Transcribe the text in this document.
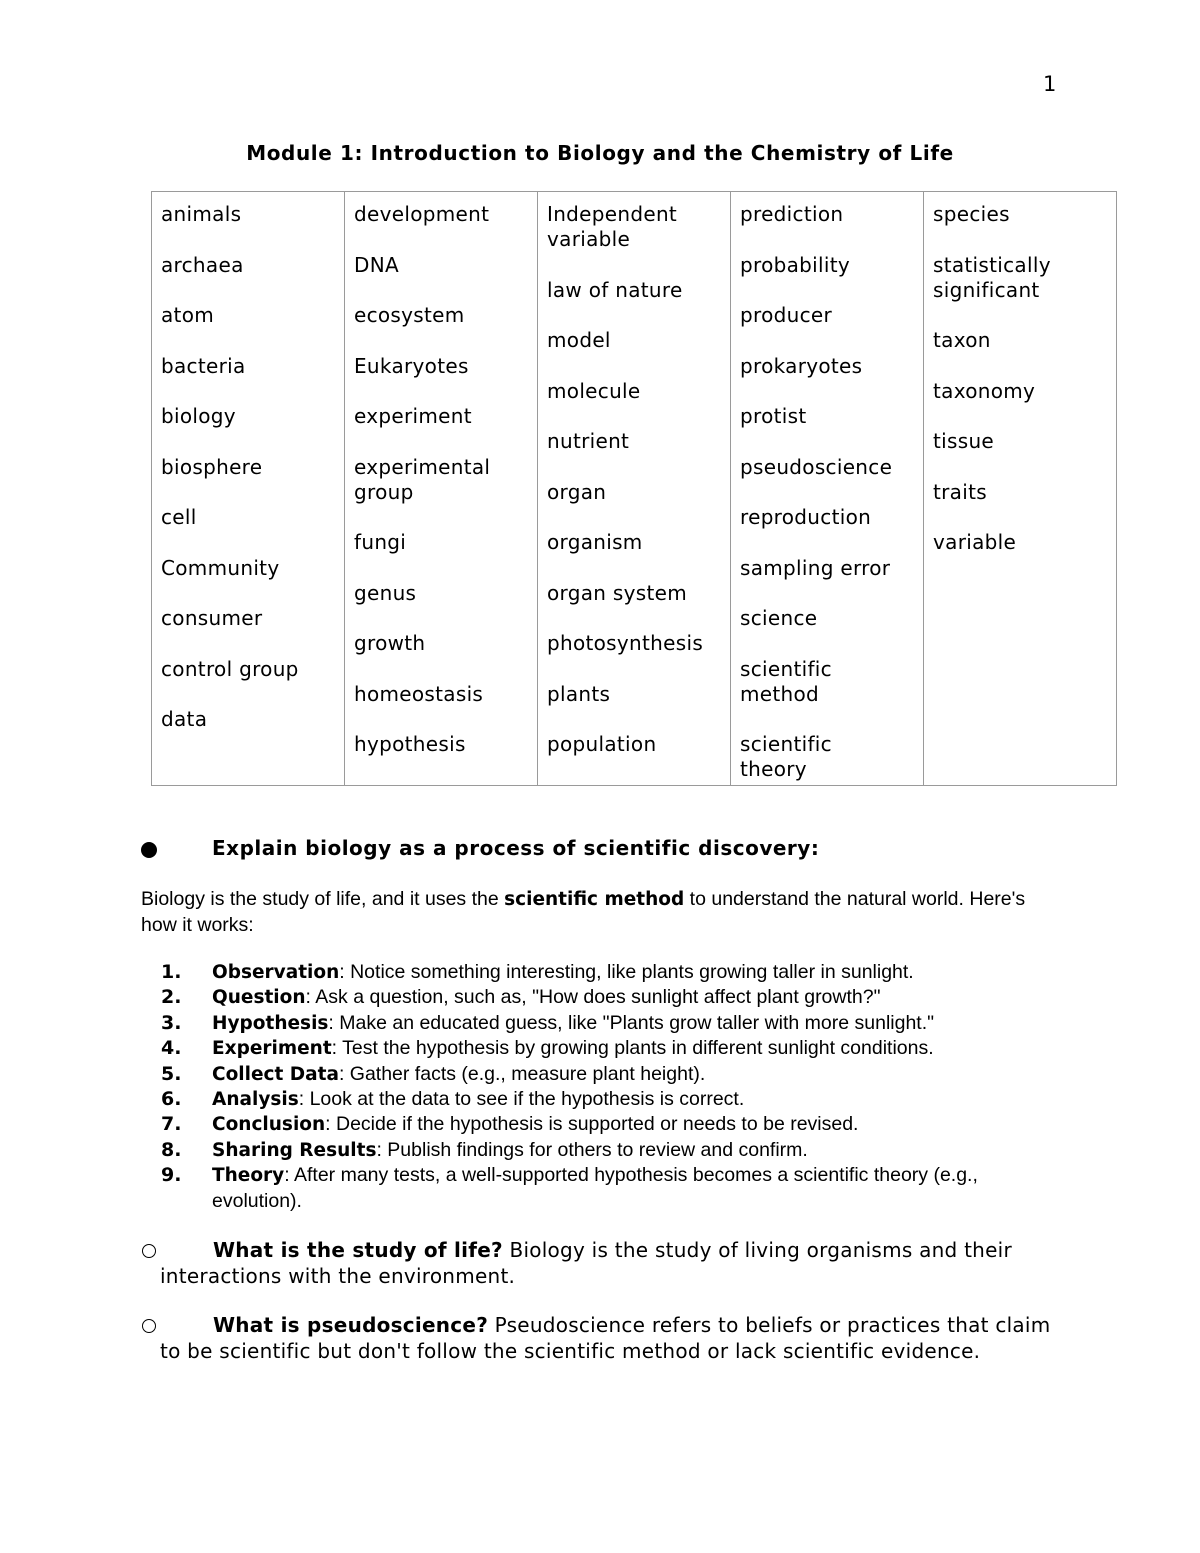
1
Module 1: Introduction to Biology and the Chemistry of Life
animals
archaea
atom
bacteria
biology
biosphere
cell
Community
consumer
control group
data

development
DNA
ecosystem
Eukaryotes
experiment
experimental group
fungi
genus
growth
homeostasis
hypothesis

Independent variable
law of nature
model
molecule
nutrient
organ
organism
organ system
photosynthesis
plants
population

prediction
probability
producer
prokaryotes
protist
pseudoscience
reproduction
sampling error
science
scientific method
scientific theory

species
statistically significant
taxon
taxonomy
tissue
traits
variable
Explain biology as a process of scientific discovery:
Biology is the study of life, and it uses the scientific method to understand the natural world. Here's how it works:
1. Observation: Notice something interesting, like plants growing taller in sunlight.
2. Question: Ask a question, such as, "How does sunlight affect plant growth?"
3. Hypothesis: Make an educated guess, like "Plants grow taller with more sunlight."
4. Experiment: Test the hypothesis by growing plants in different sunlight conditions.
5. Collect Data: Gather facts (e.g., measure plant height).
6. Analysis: Look at the data to see if the hypothesis is correct.
7. Conclusion: Decide if the hypothesis is supported or needs to be revised.
8. Sharing Results: Publish findings for others to review and confirm.
9. Theory: After many tests, a well-supported hypothesis becomes a scientific theory (e.g., evolution).
What is the study of life? Biology is the study of living organisms and their interactions with the environment.
What is pseudoscience? Pseudoscience refers to beliefs or practices that claim to be scientific but don't follow the scientific method or lack scientific evidence.
